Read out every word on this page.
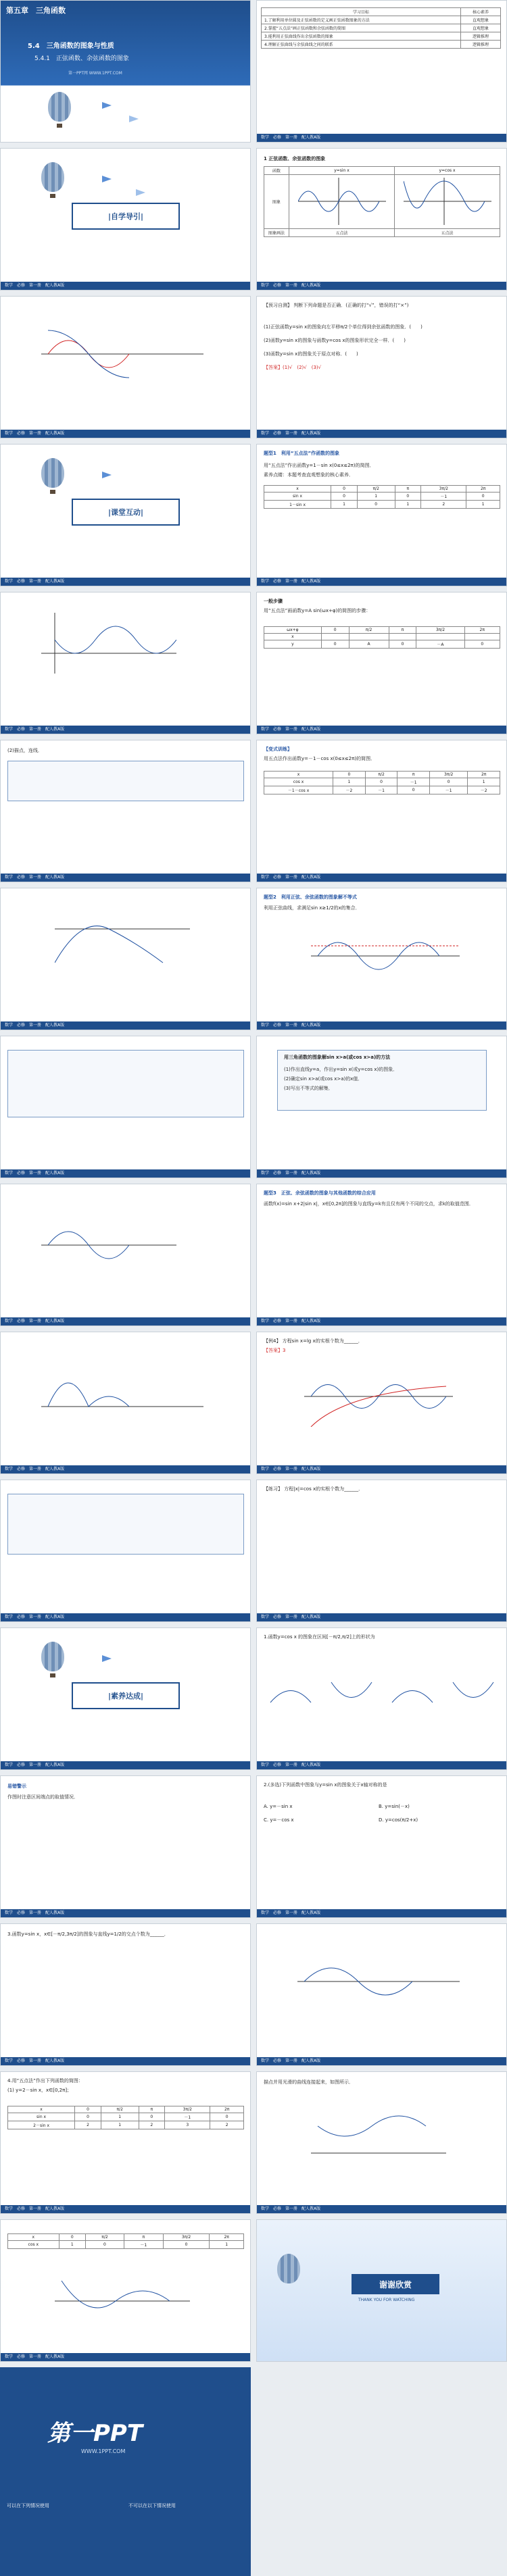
第五章　三角函数
5.4　三角函数的图象与性质
5.4.1　正弦函数、余弦函数的图象
第一PPT网 WWW.1PPT.COM
学习目标	核心素养
1.了解利用单位圆及正弦函数的定义画正弦函数图象的方法	直观想象
2.掌握“五点法”画正弦函数和余弦函数的简图	直观想象
3.能利用正弦曲线作出余弦函数的图象	逻辑推理
4.理解正弦曲线与余弦曲线之间的联系	逻辑推理
数学　必修　第一册　配人教A版
|自学导引|
数学　必修　第一册　配人教A版
1 正弦函数、余弦函数的图象
函数	y=sin x	y=cos x
图象		
图象画法	五点法	五点法
数学　必修　第一册　配人教A版
数学　必修　第一册　配人教A版
【预习自测】 判断下列命题是否正确．(正确的打“√”，错误的打“×”)
(1)正弦函数y=sin x的图象向左平移π/2个单位得到余弦函数的图象．(　　)
(2)函数y=sin x的图象与函数y=cos x的图象形状完全一样．(　　)
(3)函数y=sin x的图象关于原点对称．(　　)
【答案】(1)√　(2)√　(3)√
数学　必修　第一册　配人教A版
|课堂互动|
数学　必修　第一册　配人教A版
题型1　利用“五点法”作函数的图象
用“五点法”作出函数y=1－sin x(0≤x≤2π)的简图．
素养点睛：本题考查直观想象的核心素养．
x	0	π/2	π	3π/2	2π
sin x	0	1	0	－1	0
1－sin x	1	0	1	2	1
数学　必修　第一册　配人教A版
数学　必修　第一册　配人教A版
一般步骤
用“五点法”画函数y=A sin(ωx+φ)的简图的步骤：
ωx+φ	0	π/2	π	3π/2	2π
x					
y	0	A	0	－A	0
数学　必修　第一册　配人教A版
(2)描点，连线．
数学　必修　第一册　配人教A版
【变式训练】
用五点法作出函数y=－1－cos x(0≤x≤2π)的简图．
x	0	π/2	π	3π/2	2π
cos x	1	0	－1	0	1
－1－cos x	－2	－1	0	－1	－2
数学　必修　第一册　配人教A版
数学　必修　第一册　配人教A版
题型2　利用正弦、余弦函数的图象解不等式
利用正弦曲线，求满足sin x≥1/2的x的集合．
数学　必修　第一册　配人教A版
数学　必修　第一册　配人教A版
用三角函数的图象解sin x>a(或cos x>a)的方法
(1)作出直线y=a，作出y=sin x(或y=cos x)的图象．
(2)确定sin x>a(或cos x>a)的x值．
(3)写出不等式的解集．
数学　必修　第一册　配人教A版
数学　必修　第一册　配人教A版
题型3　正弦、余弦函数的图象与其他函数的综合应用
函数f(x)=sin x+2|sin x|，x∈[0,2π]的图象与直线y=k有且仅有两个不同的交点，求k的取值范围．
数学　必修　第一册　配人教A版
数学　必修　第一册　配人教A版
【例4】 方程sin x=lg x的实根个数为______．
【答案】3
数学　必修　第一册　配人教A版
数学　必修　第一册　配人教A版
【练习】 方程|x|=cos x的实根个数为______．
数学　必修　第一册　配人教A版
|素养达成|
数学　必修　第一册　配人教A版
1.函数y=cos x 的图象在区间[－π/2,π/2]上的形状为
数学　必修　第一册　配人教A版
易错警示
作图时注意区间端点的取值情况．
数学　必修　第一册　配人教A版
2.(多选)下列函数中图象与y=sin x的图象关于x轴对称的是
A. y=－sin x	B. y=sin(－x)
C. y=－cos x	D. y=cos(π/2+x)
数学　必修　第一册　配人教A版
3.函数y=sin x，x∈[－π/2,3π/2]的图象与直线y=1/2的交点个数为______．
数学　必修　第一册　配人教A版	数学　必修　第一册　配人教A版
4.用“五点法”作出下列函数的简图：
(1) y=2－sin x，x∈[0,2π]；
x	0	π/2	π	3π/2	2π
sin x	0	1	0	－1	0
2－sin x	2	1	2	3	2
数学　必修　第一册　配人教A版
描点并用光滑的曲线连接起来，如图所示．
数学　必修　第一册　配人教A版
x	0	π/2	π	3π/2	2π
cos x	1	0	－1	0	1
数学　必修　第一册　配人教A版
谢谢欣赏
THANK YOU FOR WATCHING
第一PPT
WWW.1PPT.COM
可以在下列情况使用	不可以在以下情况使用
